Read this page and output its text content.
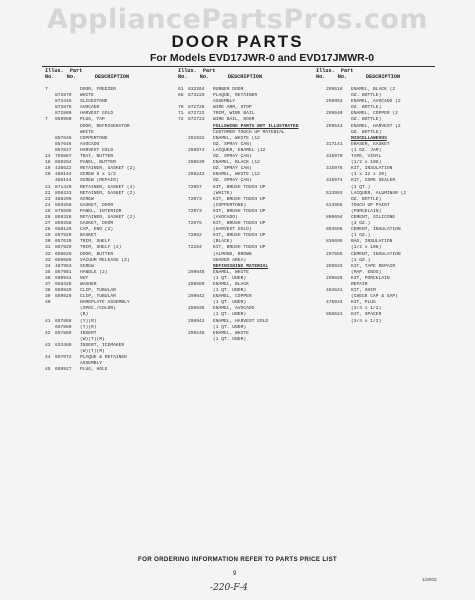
AppliancePartsPros.com
DOOR PARTS
For Models EVD17JWR-0 and EVD17JMWR-0
Illus. Part
No. No.	DESCRIPTION
7	DOOR, FREEZER
872879	WHITE
873445	SLICESTONE
872879	AVOCADO
872880	HARVEST GOLD
7	659950	PLUG, TAP
DOOR, REFRIGERATOR
WHITE
857646	COPPERTONE
857646	AVOCADO
857647	HARVEST GOLD
14 759887	TRAY, BUTTER
18 859294	PANEL, BUTTER
19 436622	RETAINER, GASKET (2)
20 486144	SCREW 8 x 1/2
486144	SCREW (REPAIR)
21 871420	RETAINER, GASKET (4)
22 859333	RETAINER, GASKET (2)
23 486299	SCREW
24 859258	GASKET, DOOR
25 875595	PANEL, INTERIOR
26 859326	RETAINER, GASKET (2)
27 859258	GASKET, DOOR
28 658126	CAP, END (2)
29 857929	BASKET
30 857639	TRIM, SHELF
31 857929	TRIM, SHELF (2)
32 658629	DOOR, BUTTER
33 659689	VACUUM RELEASE (2)
34 487953	SCREW
35 857981	HANDLE (2)
36 509934	NUT
37 659328	WASHER
38 659929	CLIP, TUBULAR
39 659929	CLIP, TUBULAR
40	NAMEPLATE ASSEMBLY
(SPEC./COLOR)
(B)
41 657868	(Y)(R)
657869	(Y)(R)
42 657888	INSERT
(W)(T)(M)
43 833489	INSERT, ICEMAKER
(W)(T)(M)
44 857072	PLAQUE & RETAINER
ASSEMBLY
45 659927	PLUG, HOLE
Illus. Part
No. No.	DESCRIPTION
61 832264	RUBBER DOOR
68 873229	PLAQUE, RETAINER
ASSEMBLY
70 872726	WIRE ARM, STOP
71 872722	TRIM, WIRE BAIL
72 872723	WIRE BAIL, DOOR
FOLLOWING PARTS NOT ILLUSTRATED
CUSTOMER TOUCH UP MATERIAL
291922	ENAMEL, WHITE (12
OZ. SPRAY CAN)
298974	LACQUER, ENAMEL (12
OZ. SPRAY CAN)
298539	ENAMEL, BLACK (12
OZ. SPRAY CAN)
298243	ENAMEL, WHITE (12
OZ. SPRAY CAN)
72067	KIT, BRUSH TOUCH UP
(WHITE)
72073	KIT, BRUSH TOUCH UP
(COPPERTONE)
72073	KIT, BRUSH TOUCH UP
(AVOCADO)
72075	KIT, BRUSH TOUCH UP
(HARVEST GOLD)
72082	KIT, BRUSH TOUCH UP
(BLACK)
72284	KIT, BRUSH TOUCH UP
(ALMOND, BROWN
SHADED AREA)
REFINISHING MATERIAL
299545	ENAMEL, WHITE
(1 QT. UNDR)
299560	ENAMEL, BLACK
(1 QT. UNDR)
299542	ENAMEL, COPPER
(1 QT. UNDR)
298935	ENAMEL, AVOCADO
(1 QT. UNDR)
298943	ENAMEL, HARVEST GOLD
(1 QT. UNDR)
299246	ENAMEL, WHITE
(1 QT. UNDR)
Illus. Part
No. No.	DESCRIPTION
299518	ENAMEL, BLACK (2
OZ. BOTTLE)
298953	ENAMEL, AVOCADO (2
OZ. BOTTLE)
299540	ENAMEL, COPPER (2
OZ. BOTTLE)
299543	ENAMEL, HARVEST (2
OZ. BOTTLE)
MISCELLANEOUS
317141	ERASER, GASKET
(1 OZ. JAR)
315970	TAPE, VINYL
(1/2 x 108)
315976	KIT, INSULATION
(1 x 12 x 20)
315974	KIT, CORK SEALER
(1 QT.)
513993	LACQUER, ALUMINUM (2
OZ. BOTTLE)
513965	TOUCH UP PAINT
(PORCELAIN)
809694	CEMENT, SILICONE
(3 OZ.)
803596	CEMENT, INSULATION
(1 OZ.)
836695	BAG, INSULATION
(1/2 x 108)
297655	CEMENT, INSULATION
(1 OZ.)
299933	KIT, TAPE REPAIR
(MAP. ENOS)
299826	KIT, PORCELAIN
REPAIR
483641	KIT, SHIM
(CHECK CAP & GAP)
475934	KIT, PLUG
(3/4 x 1/2)
858524	KIT, SPACER
(3/4 x 1/2)
FOR ORDERING INFORMATION REFER TO PARTS PRICE LIST
9
-220-F-4
1/2002
